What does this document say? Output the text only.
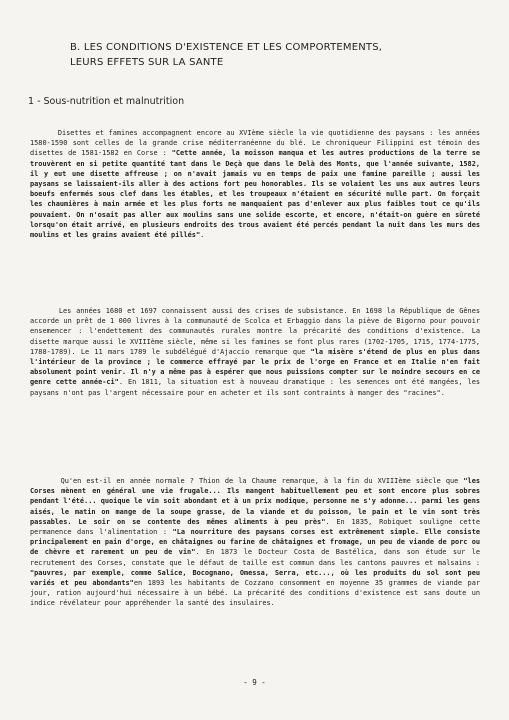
B. LES CONDITIONS D'EXISTENCE ET LES COMPORTEMENTS,
LEURS EFFETS SUR LA SANTE
1 - Sous-nutrition et malnutrition
Disettes et famines accompagnent encore au XVIème siècle la vie quotidienne des paysans : les années 1580-1590 sont celles de la grande crise méditerranéenne du blé. Le chroniqueur Filippini est témoin des disettes de 1581-1582 en Corse : "Cette année, la moisson manqua et les autres productions de la terre se trouvèrent en si petite quantité tant dans le Deçà que dans le Delà des Monts, que l'année suivante, 1582, il y eut une disette affreuse ; on n'avait jamais vu en temps de paix une famine pareille ; aussi les paysans se laissaient-ils aller à des actions fort peu honorables. Ils se volaient les uns aux autres leurs boeufs enfermés sous clef dans les étables, et les troupeaux n'étaient en sécurité nulle part. On forçait les chaumières à main armée et les plus forts ne manquaient pas d'enlever aux plus faibles tout ce qu'ils pouvaient. On n'osait pas aller aux moulins sans une solide escorte, et encore, n'était-on guère en sûreté lorsqu'on était arrivé, en plusieurs endroits des trous avaient été percés pendant la nuit dans les murs des moulins et les grains avaient été pillés".
Les années 1680 et 1697 connaissent aussi des crises de subsistance. En 1698 la République de Gênes accorde un prêt de 1 000 livres à la communauté de Scolca et Erbaggio dans la piève de Bigorno pour pouvoir ensemencer : l'endettement des communautés rurales montre la précarité des conditions d'existence. La disette marque aussi le XVIIIème siècle, même si les famines se font plus rares (1702-1705, 1715, 1774-1775, 1788-1789). Le 11 mars 1789 le subdélégué d'Ajaccio remarque que "la misère s'étend de plus en plus dans l'intérieur de la province ; le commerce effrayé par le prix de l'orge en France et en Italie n'en fait absolument point venir. Il n'y a même pas à espérer que nous puissions compter sur le moindre secours en ce genre cette année-ci". En 1811, la situation est à nouveau dramatique : les semences ont été mangées, les paysans n'ont pas l'argent nécessaire pour en acheter et ils sont contraints à manger des "racines".
Qu'en est-il en année normale ? Thion de la Chaume remarque, à la fin du XVIIIème siècle que "les Corses mènent en général une vie frugale... Ils mangent habituellement peu et sont encore plus sobres pendant l'été... quoique le vin soit abondant et à un prix modique, personne ne s'y adonne... parmi les gens aisés, le matin on mange de la soupe grasse, de la viande et du poisson, le pain et le vin sont très passables. Le soir on se contente des mêmes aliments à peu près". En 1835, Robiquet souligne cette permanence dans l'alimentation : "La nourriture des paysans corses est extrêmement simple. Elle consiste principalement en pain d'orge, en châtaignes ou farine de châtaignes et fromage, un peu de viande de porc ou de chèvre et rarement un peu de vin". En 1873 le Docteur Costa de Bastélica, dans son étude sur le recrutement des Corses, constate que le défaut de taille est commun dans les cantons pauvres et malsains : "pauvres, par exemple, comme Salice, Bocognano, Omessa, Serra, etc..., où les produits du sol sont peu variés et peu abondants"en 1893 les habitants de Cozzano consomment en moyenne 35 grammes de viande par jour, ration aujourd'hui nécessaire à un bébé. La précarité des conditions d'existence est sans doute un indice révélateur pour appréhender la santé des insulaires.
- 9 -
